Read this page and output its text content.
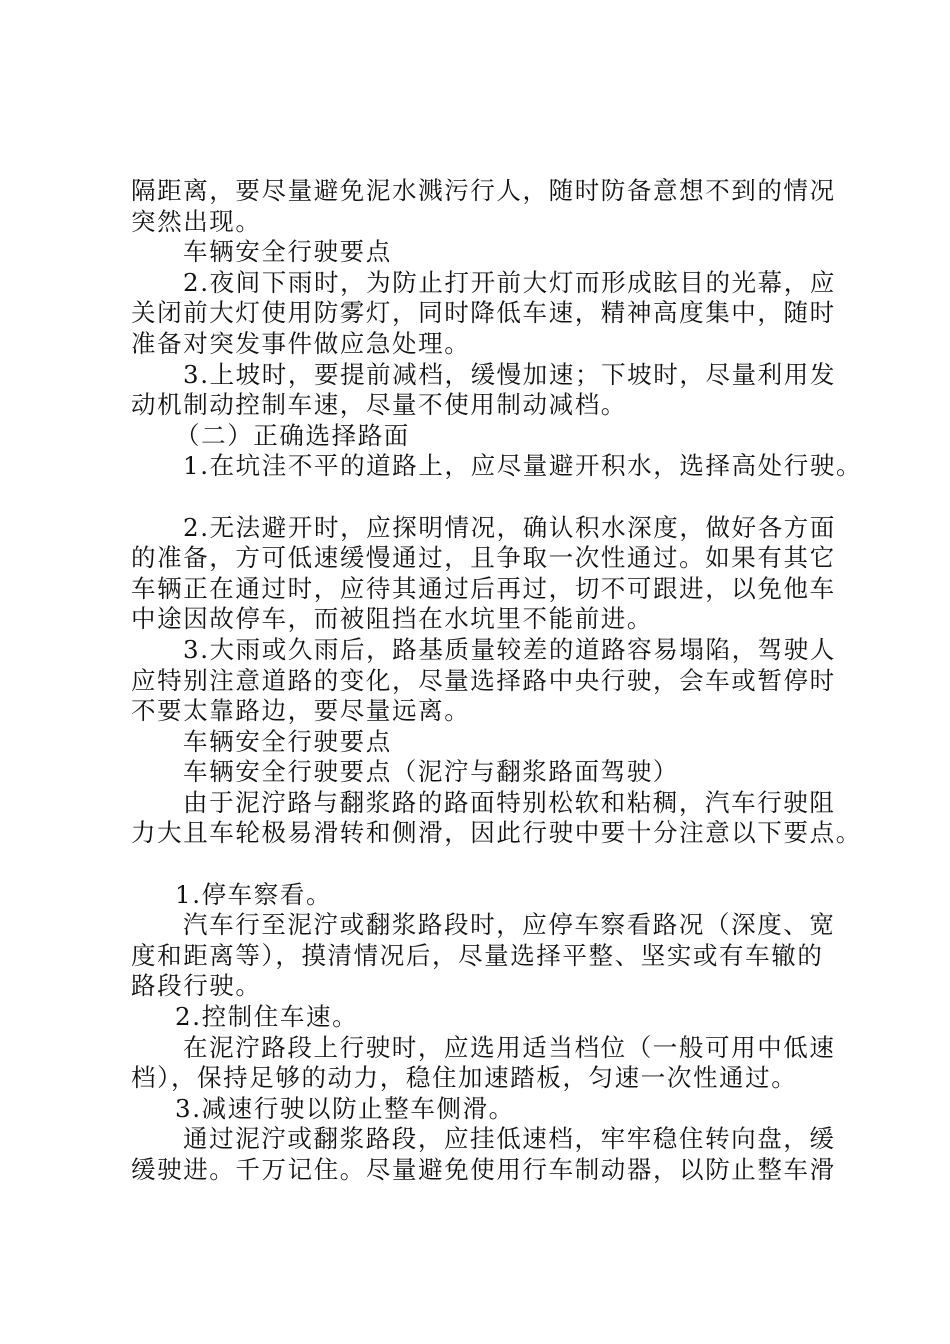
隔距离，要尽量避免泥水溅污行人，随时防备意想不到的情况
突然出现。
车辆安全行驶要点
2.夜间下雨时，为防止打开前大灯而形成眩目的光幕，应
关闭前大灯使用防雾灯，同时降低车速，精神高度集中，随时
准备对突发事件做应急处理。
3.上坡时，要提前减档，缓慢加速；下坡时，尽量利用发
动机制动控制车速，尽量不使用制动减档。
（二）正确选择路面
1.在坑洼不平的道路上，应尽量避开积水，选择高处行驶。
2.无法避开时，应探明情况，确认积水深度，做好各方面
的准备，方可低速缓慢通过，且争取一次性通过。如果有其它
车辆正在通过时，应待其通过后再过，切不可跟进，以免他车
中途因故停车，而被阻挡在水坑里不能前进。
3.大雨或久雨后，路基质量较差的道路容易塌陷，驾驶人
应特别注意道路的变化，尽量选择路中央行驶，会车或暂停时
不要太靠路边，要尽量远离。
车辆安全行驶要点
车辆安全行驶要点（泥泞与翻浆路面驾驶）
由于泥泞路与翻浆路的路面特别松软和粘稠，汽车行驶阻
力大且车轮极易滑转和侧滑，因此行驶中要十分注意以下要点。
1.停车察看。
汽车行至泥泞或翻浆路段时，应停车察看路况（深度、宽
度和距离等），摸清情况后，尽量选择平整、坚实或有车辙的
路段行驶。
2.控制住车速。
在泥泞路段上行驶时，应选用适当档位（一般可用中低速
档），保持足够的动力，稳住加速踏板，匀速一次性通过。
3.减速行驶以防止整车侧滑。
通过泥泞或翻浆路段，应挂低速档，牢牢稳住转向盘，缓
缓驶进。千万记住。尽量避免使用行车制动器，以防止整车滑
